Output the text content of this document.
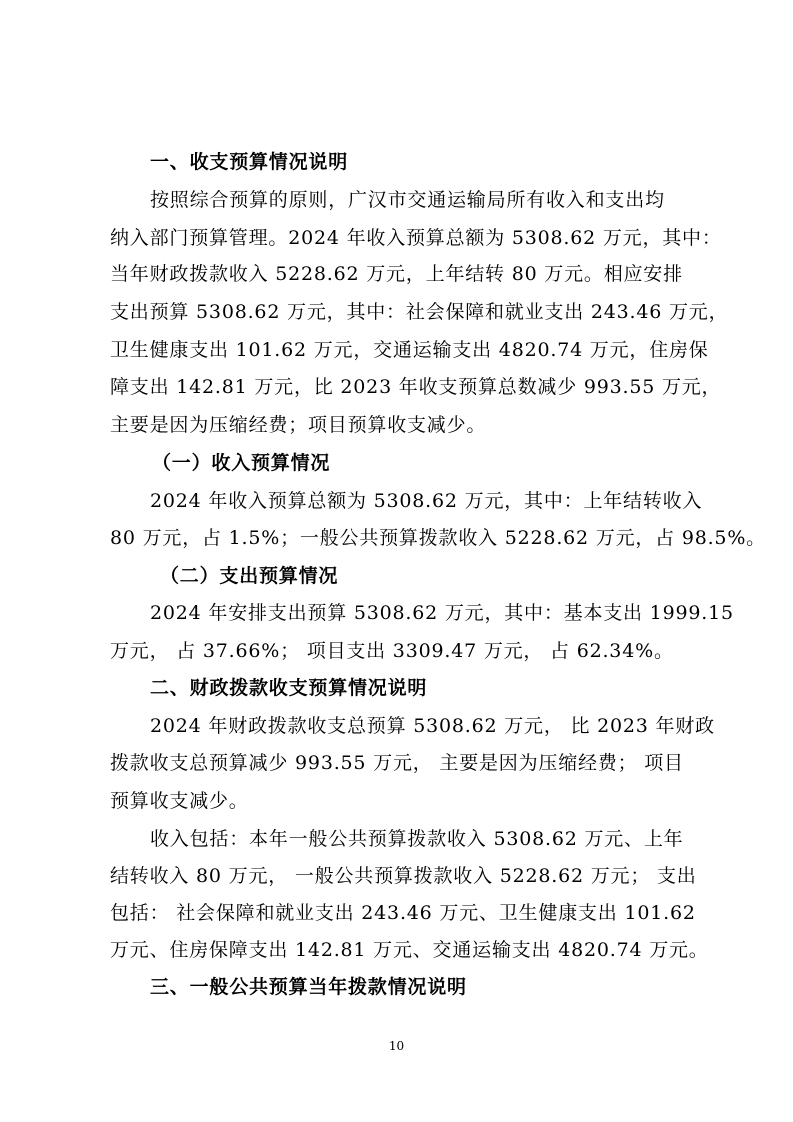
一、收支预算情况说明
按照综合预算的原则，广汉市交通运输局所有收入和支出均
纳入部门预算管理。2024 年收入预算总额为 5308.62 万元，其中：
当年财政拨款收入 5228.62 万元，上年结转 80 万元。相应安排
支出预算 5308.62 万元，其中：社会保障和就业支出 243.46 万元，
卫生健康支出 101.62 万元，交通运输支出 4820.74 万元，住房保
障支出 142.81 万元，比 2023 年收支预算总数减少 993.55 万元，
主要是因为压缩经费；项目预算收支减少。
（一）收入预算情况
2024 年收入预算总额为 5308.62 万元，其中：上年结转收入
80 万元，占 1.5%；一般公共预算拨款收入 5228.62 万元，占 98.5%。
（二）支出预算情况
2024 年安排支出预算 5308.62 万元，其中：基本支出 1999.15
万元， 占 37.66%； 项目支出 3309.47 万元， 占 62.34%。
二、财政拨款收支预算情况说明
2024 年财政拨款收支总预算 5308.62 万元， 比 2023 年财政
拨款收支总预算减少 993.55 万元， 主要是因为压缩经费； 项目
预算收支减少。
收入包括：本年一般公共预算拨款收入 5308.62 万元、上年
结转收入 80 万元， 一般公共预算拨款收入 5228.62 万元； 支出
包括： 社会保障和就业支出 243.46 万元、卫生健康支出 101.62
万元、住房保障支出 142.81 万元、交通运输支出 4820.74 万元。
三、一般公共预算当年拨款情况说明
10
